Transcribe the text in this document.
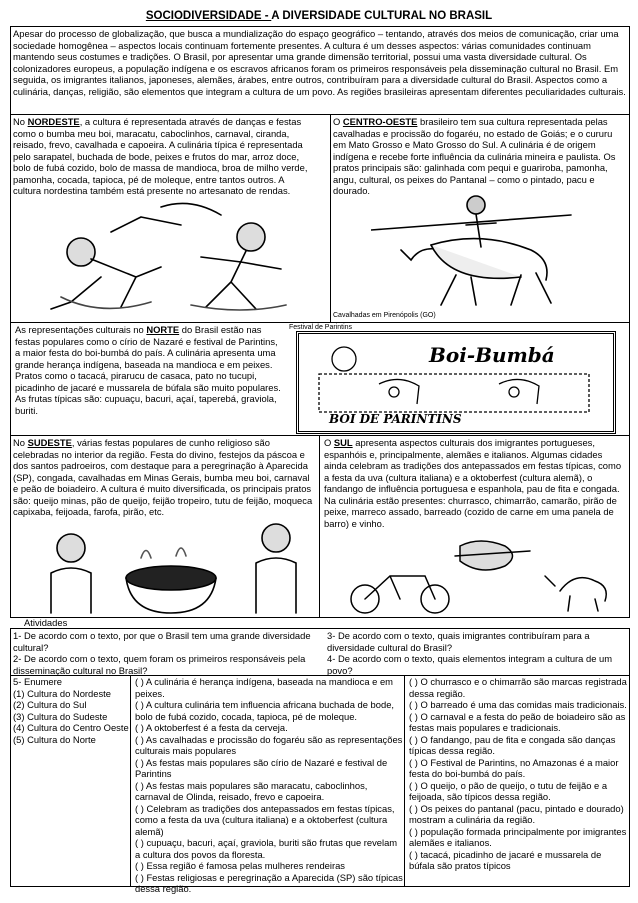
SOCIODIVERSIDADE - A DIVERSIDADE CULTURAL NO BRASIL

Apesar do processo de globalização, que busca a mundialização do espaço geográfico – tentando, através dos meios de comunicação, criar uma sociedade homogênea – aspectos locais continuam fortemente presentes. A cultura é um desses aspectos: várias comunidades continuam mantendo seus costumes e tradições. O Brasil, por apresentar uma grande dimensão territorial, possui uma vasta diversidade cultural. Os colonizadores europeus, a população indígena e os escravos africanos foram os primeiros responsáveis pela disseminação cultural no Brasil. Em seguida, os imigrantes italianos, japoneses, alemães, árabes, entre outros, contribuíram para a diversidade cultural do Brasil. Aspectos como a culinária, danças, religião, são elementos que integram a cultura de um povo. As regiões brasileiras apresentam diferentes peculiaridades culturais.

No NORDESTE, a cultura é representada através de danças e festas como o bumba meu boi, maracatu, caboclinhos, carnaval, ciranda, reisado, frevo, cavalhada e capoeira. A culinária típica é representada pelo sarapatel, buchada de bode, peixes e frutos do mar, arroz doce, bolo de fubá cozido, bolo de massa de mandioca, broa de milho verde, pamonha, cocada, tapioca, pé de moleque, entre tantos outros. A cultura nordestina também está presente no artesanato de rendas.

O CENTRO-OESTE brasileiro tem sua cultura representada pelas cavalhadas e procissão do fogaréu, no estado de Goiás; e o cururu em Mato Grosso e Mato Grosso do Sul. A culinária é de origem indígena e recebe forte influência da culinária mineira e paulista. Os pratos principais são: galinhada com pequi e guariroba, pamonha, angu, cultural, os peixes do Pantanal – como o pintado, pacu e dourado.

Cavalhadas em Pirenópolis (GO)

As representações culturais no NORTE do Brasil estão nas festas populares como o círio de Nazaré e festival de Parintins, a maior festa do boi-bumbá do país. A culinária apresenta uma grande herança indígena, baseada na mandioca e em peixes. Pratos como o tacacá, pirarucu de casaca, pato no tucupi, picadinho de jacaré e mussarela de búfala são muito populares. As frutas típicas são: cupuaçu, bacuri, açaí, taperebá, graviola, buriti.

Festival de Parintins
Boi-Bumbá
BOI DE PARINTINS

No SUDESTE, várias festas populares de cunho religioso são celebradas no interior da região. Festa do divino, festejos da páscoa e dos santos padroeiros, com destaque para a peregrinação à Aparecida (SP), congada, cavalhadas em Minas Gerais, bumba meu boi, carnaval e peão de boiadeiro. A cultura é muito diversificada, os principais pratos são: queijo minas, pão de queijo, feijão tropeiro, tutu de feijão, moqueca capixaba, feijoada, farofa, pirão, etc.

O SUL apresenta aspectos culturais dos imigrantes portugueses, espanhóis e, principalmente, alemães e italianos. Algumas cidades ainda celebram as tradições dos antepassados em festas típicas, como a festa da uva (cultura italiana) e a oktoberfest (cultura alemã), o fandango de influência portuguesa e espanhola, pau de fita e congada. Na culinária estão presentes: churrasco, chimarrão, camarão, pirão de peixe, marreco assado, barreado (cozido de carne em uma panela de barro) e vinho.

Atividades

1- De acordo com o texto, por que o Brasil tem uma grande diversidade cultural?

2- De acordo com o texto, quem foram os primeiros responsáveis pela disseminação cultural no Brasil?

3- De acordo com o texto, quais imigrantes contribuíram para a diversidade cultural do Brasil?

4- De acordo com o texto, quais elementos integram a cultura de um povo?

5- Enumere

(1) Cultura do Nordeste

(2) Cultura do Sul

(3) Cultura do Sudeste

(4) Cultura do Centro Oeste

(5) Cultura do Norte

( ) A culinária é herança indígena, baseada na mandioca e em peixes.

( ) A cultura culinária tem influencia africana buchada de bode, bolo de fubá cozido, cocada, tapioca, pé de moleque.

( ) A oktoberfest é a festa da cerveja.

( ) As cavalhadas e procissão do fogaréu são as representações culturais mais populares

( ) As festas mais populares são círio de Nazaré e festival de Parintins

( ) As festas mais populares são maracatu, caboclinhos, carnaval de Olinda, reisado, frevo e capoeira.

( ) Celebram as tradições dos antepassados em festas típicas, como a festa da uva (cultura italiana) e a oktoberfest (cultura alemã)

( ) cupuaçu, bacuri, açaí, graviola, buriti são frutas que revelam a cultura dos povos da floresta.

( ) Essa região é famosa pelas mulheres rendeiras

( ) Festas religiosas e peregrinação a Aparecida (SP) são típicas dessa região.

( ) O churrasco e o chimarrão são marcas registrada dessa região.

( ) O barreado é uma das comidas mais tradicionais.

( ) O carnaval e a festa do peão de boiadeiro são as festas mais populares e tradicionais.

( ) O fandango, pau de fita e congada são danças típicas dessa região.

( ) O Festival de Parintins, no Amazonas é a maior festa do boi-bumbá do país.

( ) O queijo, o pão de queijo, o tutu de feijão e a feijoada, são típicos dessa região.

( ) Os peixes do pantanal (pacu, pintado e dourado) mostram a culinária da região.

( ) população formada principalmente por imigrantes alemães e italianos.

( ) tacacá, picadinho de jacaré e mussarela de búfala são pratos típicos
